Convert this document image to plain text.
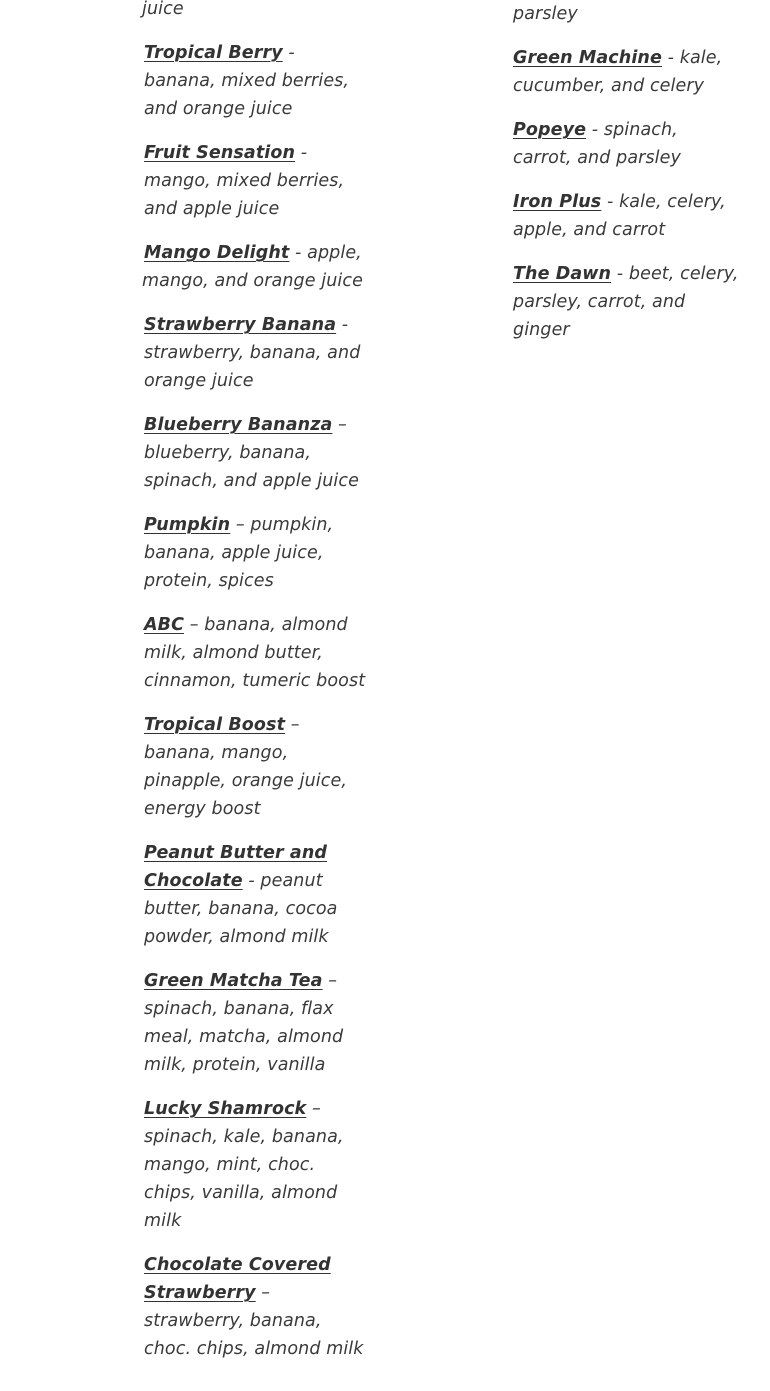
juice

Tropical Berry - banana, mixed berries, and orange juice

Fruit Sensation - mango, mixed berries, and apple juice

Mango Delight - apple, mango, and orange juice

Strawberry Banana - strawberry, banana, and orange juice

Blueberry Bananza – blueberry, banana, spinach, and apple juice

Pumpkin – pumpkin, banana, apple juice, protein, spices

ABC – banana, almond milk, almond butter, cinnamon, tumeric boost

Tropical Boost – banana, mango, pinapple, orange juice, energy boost

Peanut Butter and Chocolate - peanut butter, banana, cocoa powder, almond milk

Green Matcha Tea – spinach, banana, flax meal, matcha, almond milk, protein, vanilla

Lucky Shamrock – spinach, kale, banana, mango, mint, choc. chips, vanilla, almond milk

Chocolate Covered Strawberry – strawberry, banana, choc. chips, almond milk

parsley

Green Machine - kale, cucumber, and celery

Popeye - spinach, carrot, and parsley

Iron Plus - kale, celery, apple, and carrot

The Dawn - beet, celery, parsley, carrot, and ginger
